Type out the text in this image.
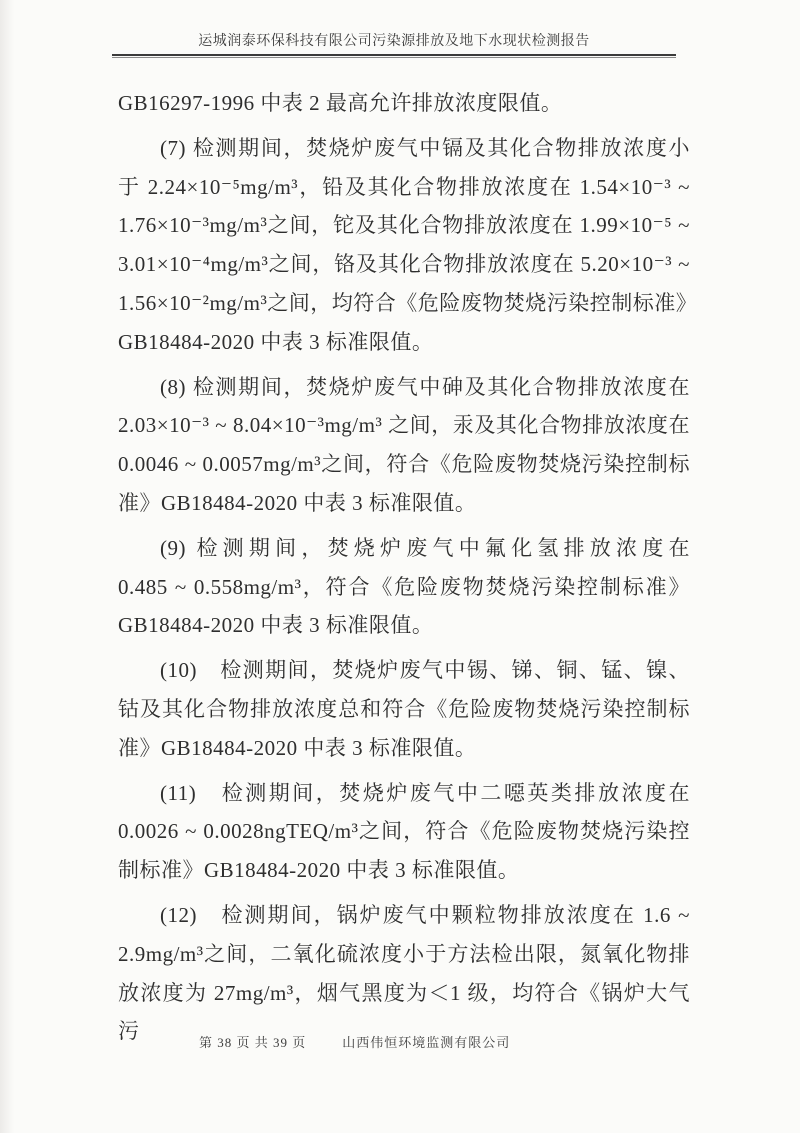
运城润泰环保科技有限公司污染源排放及地下水现状检测报告
GB16297-1996 中表 2 最高允许排放浓度限值。
(7) 检测期间，焚烧炉废气中镉及其化合物排放浓度小
于 2.24×10⁻⁵mg/m³，铅及其化合物排放浓度在 1.54×10⁻³ ~
1.76×10⁻³mg/m³之间，铊及其化合物排放浓度在 1.99×10⁻⁵ ~
3.01×10⁻⁴mg/m³之间，铬及其化合物排放浓度在 5.20×10⁻³ ~
1.56×10⁻²mg/m³之间，均符合《危险废物焚烧污染控制标准》
GB18484-2020 中表 3 标准限值。
(8) 检测期间，焚烧炉废气中砷及其化合物排放浓度在
2.03×10⁻³ ~ 8.04×10⁻³mg/m³ 之间，汞及其化合物排放浓度在
0.0046 ~ 0.0057mg/m³之间，符合《危险废物焚烧污染控制标
准》GB18484-2020 中表 3 标准限值。
(9) 检测期间，焚烧炉废气中氟化氢排放浓度在
0.485 ~ 0.558mg/m³，符合《危险废物焚烧污染控制标准》
GB18484-2020 中表 3 标准限值。
(10)　检测期间，焚烧炉废气中锡、锑、铜、锰、镍、
钴及其化合物排放浓度总和符合《危险废物焚烧污染控制标
准》GB18484-2020 中表 3 标准限值。
(11)　检测期间，焚烧炉废气中二噁英类排放浓度在
0.0026 ~ 0.0028ngTEQ/m³之间，符合《危险废物焚烧污染控
制标准》GB18484-2020 中表 3 标准限值。
(12)　检测期间，锅炉废气中颗粒物排放浓度在 1.6 ~
2.9mg/m³之间，二氧化硫浓度小于方法检出限，氮氧化物排
放浓度为 27mg/m³，烟气黑度为＜1 级，均符合《锅炉大气污	第 38 页 共 39 页	山西伟恒环境监测有限公司
